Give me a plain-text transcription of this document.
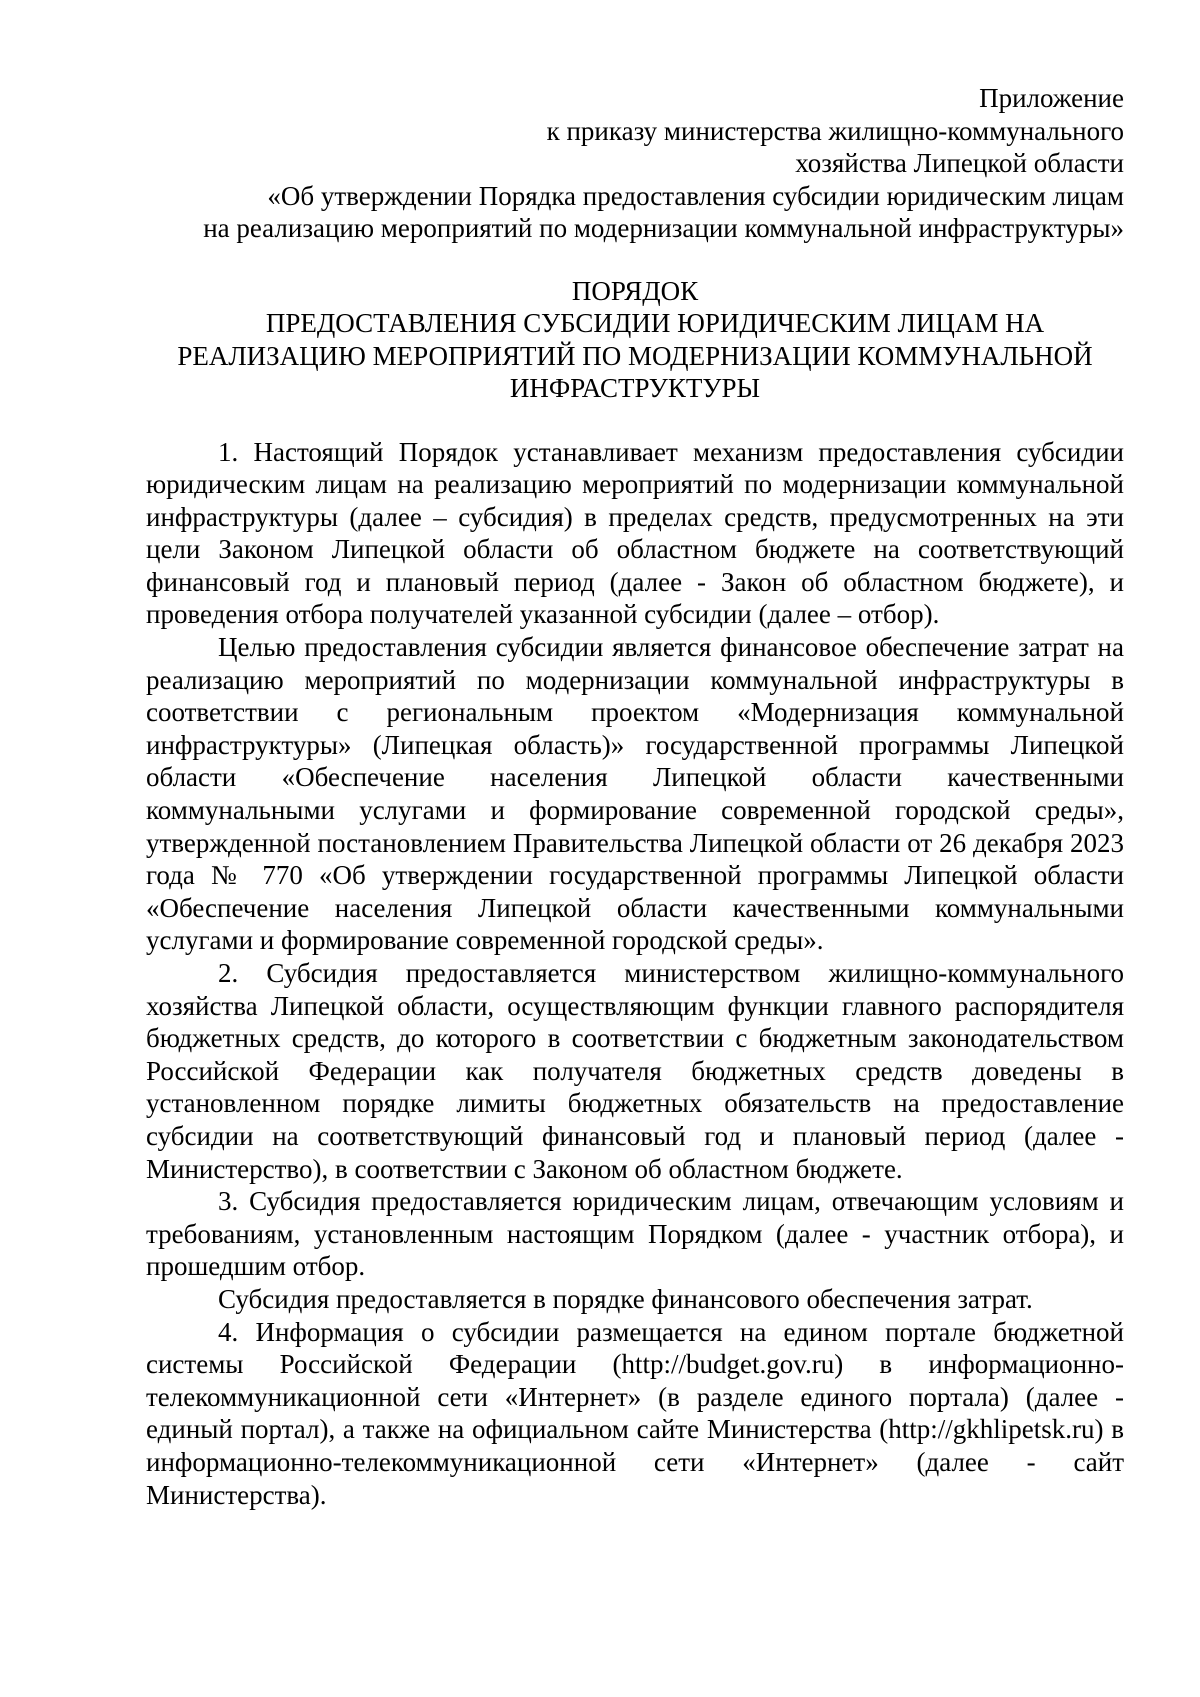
Приложение
к приказу министерства жилищно-коммунального
хозяйства Липецкой области
«Об утверждении Порядка предоставления субсидии юридическим лицам
на реализацию мероприятий по модернизации коммунальной инфраструктуры»
ПОРЯДОК
ПРЕДОСТАВЛЕНИЯ СУБСИДИИ ЮРИДИЧЕСКИМ ЛИЦАМ НА
РЕАЛИЗАЦИЮ МЕРОПРИЯТИЙ ПО МОДЕРНИЗАЦИИ КОММУНАЛЬНОЙ
ИНФРАСТРУКТУРЫ

1. Настоящий Порядок устанавливает механизм предоставления субсидии юридическим лицам на реализацию мероприятий по модернизации коммунальной инфраструктуры (далее – субсидия) в пределах средств, предусмотренных на эти цели Законом Липецкой области об областном бюджете на соответствующий финансовый год и плановый период (далее - Закон об областном бюджете), и проведения отбора получателей указанной субсидии (далее – отбор).

Целью предоставления субсидии является финансовое обеспечение затрат на реализацию мероприятий по модернизации коммунальной инфраструктуры в соответствии с региональным проектом «Модернизация коммунальной инфраструктуры» (Липецкая область)» государственной программы Липецкой области «Обеспечение населения Липецкой области качественными коммунальными услугами и формирование современной городской среды», утвержденной постановлением Правительства Липецкой области от 26 декабря 2023 года № 770 «Об утверждении государственной программы Липецкой области «Обеспечение населения Липецкой области качественными коммунальными услугами и формирование современной городской среды».

2. Субсидия предоставляется министерством жилищно-коммунального хозяйства Липецкой области, осуществляющим функции главного распорядителя бюджетных средств, до которого в соответствии с бюджетным законодательством Российской Федерации как получателя бюджетных средств доведены в установленном порядке лимиты бюджетных обязательств на предоставление субсидии на соответствующий финансовый год и плановый период (далее - Министерство), в соответствии с Законом об областном бюджете.

3. Субсидия предоставляется юридическим лицам, отвечающим условиям и требованиям, установленным настоящим Порядком (далее - участник отбора), и прошедшим отбор.

Субсидия предоставляется в порядке финансового обеспечения затрат.

4. Информация о субсидии размещается на едином портале бюджетной системы Российской Федерации (http://budget.gov.ru) в информационно-телекоммуникационной сети «Интернет» (в разделе единого портала) (далее - единый портал), а также на официальном сайте Министерства (http://gkhlipetsk.ru) в информационно-телекоммуникационной сети «Интернет» (далее - сайт Министерства).
